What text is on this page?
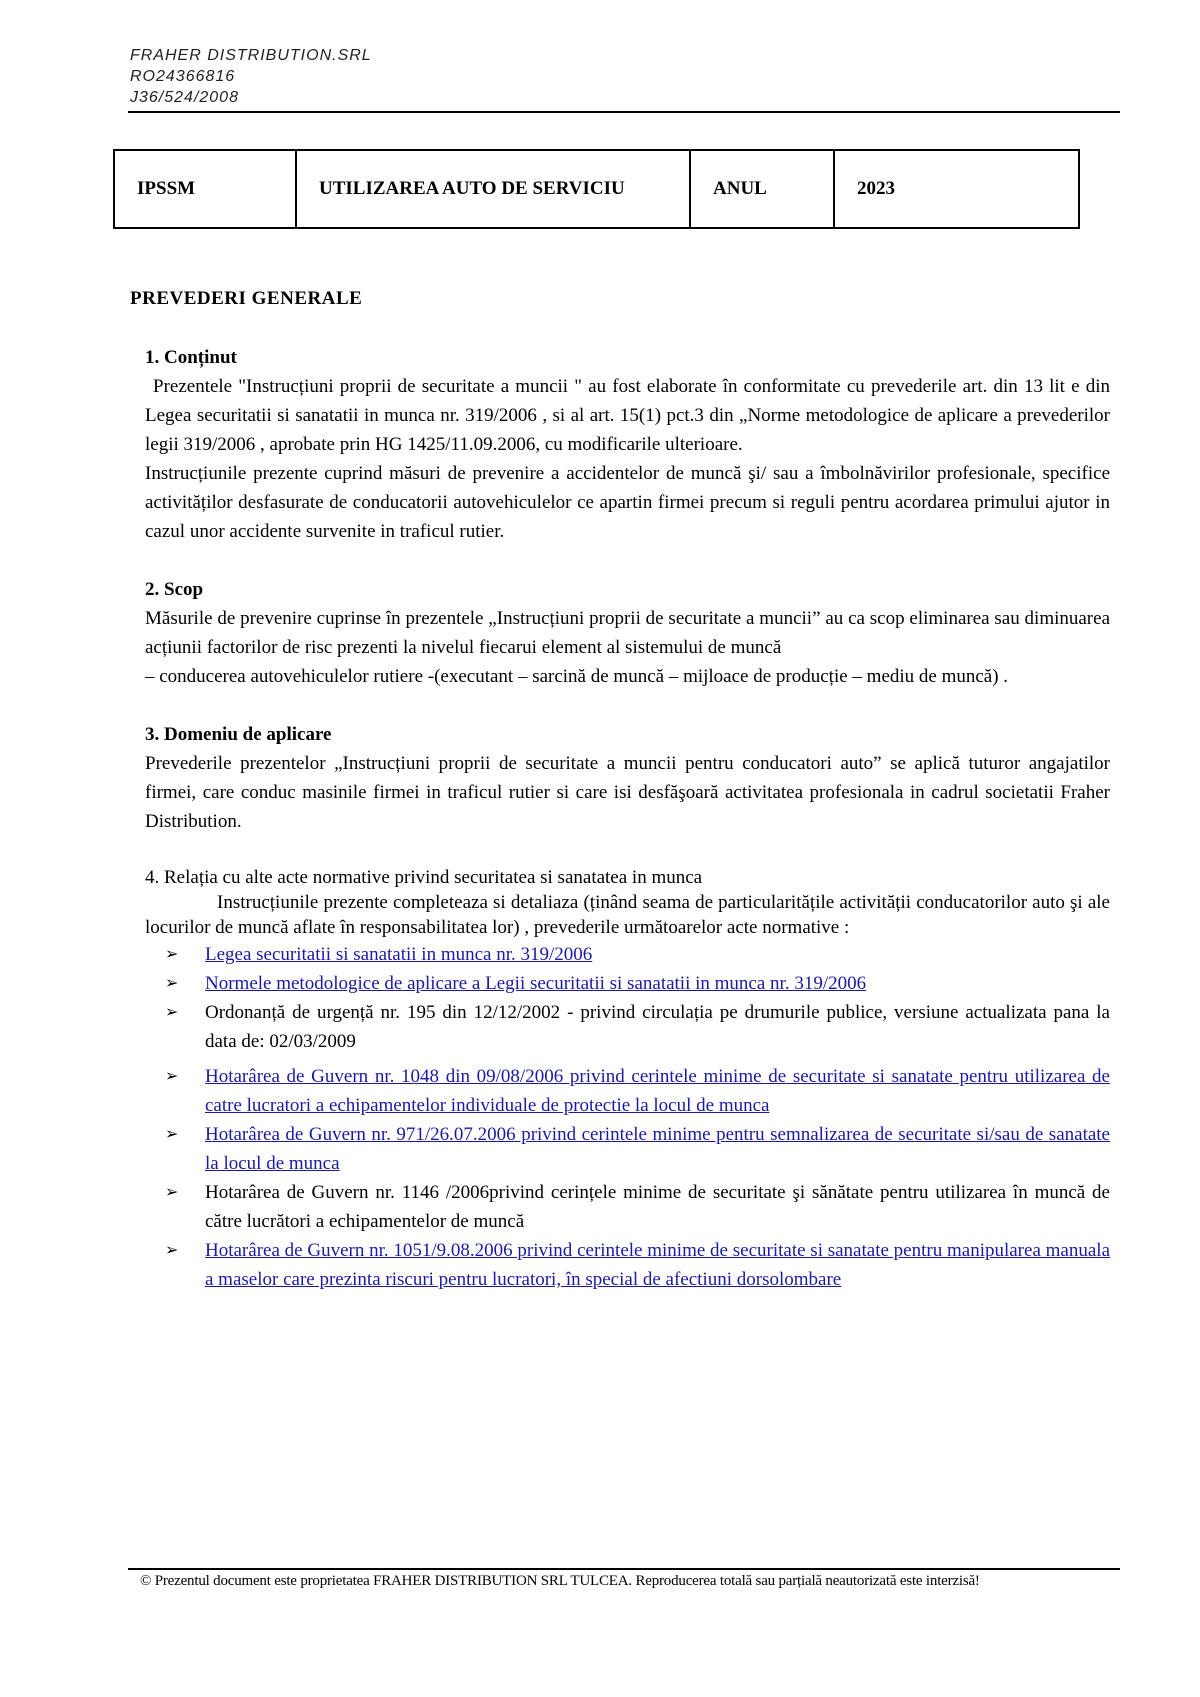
FRAHER DISTRIBUTION.SRL
RO24366816
J36/524/2008
IPSSM	UTILIZAREA AUTO DE SERVICIU	ANUL	2023
PREVEDERI GENERALE

1. Conținut

Prezentele "Instrucțiuni proprii de securitate a muncii " au fost elaborate în conformitate cu prevederile art. din 13 lit e din Legea securitatii si sanatatii in munca nr. 319/2006 , si al art. 15(1) pct.3 din „Norme metodologice de aplicare a prevederilor legii 319/2006 , aprobate prin HG 1425/11.09.2006, cu modificarile ulterioare.

Instrucțiunile prezente cuprind măsuri de prevenire a accidentelor de muncă şi/ sau a îmbolnăvirilor profesionale, specifice activităților desfasurate de conducatorii autovehiculelor ce apartin firmei precum si reguli pentru acordarea primului ajutor in cazul unor accidente survenite in traficul rutier.

2. Scop

Măsurile de prevenire cuprinse în prezentele „Instrucțiuni proprii de securitate a muncii” au ca scop eliminarea sau diminuarea acțiunii factorilor de risc prezenti la nivelul fiecarui element al sistemului de muncă

– conducerea autovehiculelor rutiere -(executant – sarcină de muncă – mijloace de producție – mediu de muncă) .

3. Domeniu de aplicare

Prevederile prezentelor „Instrucțiuni proprii de securitate a muncii pentru conducatori auto” se aplică tuturor angajatilor firmei, care conduc masinile firmei in traficul rutier si care isi desfăşoară activitatea profesionala in cadrul societatii Fraher Distribution.

4. Relația cu alte acte normative privind securitatea si sanatatea in munca

Instrucțiunile prezente completeaza si detaliaza (ținând seama de particularitățile activității conducatorilor auto şi ale locurilor de muncă aflate în responsabilitatea lor) , prevederile următoarelor acte normative :

➢ Legea securitatii si sanatatii in munca nr. 319/2006
➢ Normele metodologice de aplicare a Legii securitatii si sanatatii in munca nr. 319/2006
➢ Ordonanță de urgență nr. 195 din 12/12/2002 - privind circulația pe drumurile publice, versiune actualizata pana la data de: 02/03/2009
➢ Hotarârea de Guvern nr. 1048 din 09/08/2006 privind cerintele minime de securitate si sanatate pentru utilizarea de catre lucratori a echipamentelor individuale de protectie la locul de munca
➢ Hotarârea de Guvern nr. 971/26.07.2006 privind cerintele minime pentru semnalizarea de securitate si/sau de sanatate la locul de munca
➢ Hotarârea de Guvern nr. 1146 /2006privind cerințele minime de securitate şi sănătate pentru utilizarea în muncă de către lucrători a echipamentelor de muncă
➢ Hotarârea de Guvern nr. 1051/9.08.2006 privind cerintele minime de securitate si sanatate pentru manipularea manuala a maselor care prezinta riscuri pentru lucratori, în special de afectiuni dorsolombare
© Prezentul document este proprietatea FRAHER DISTRIBUTION SRL TULCEA. Reproducerea totală sau parțială neautorizată este interzisă!
